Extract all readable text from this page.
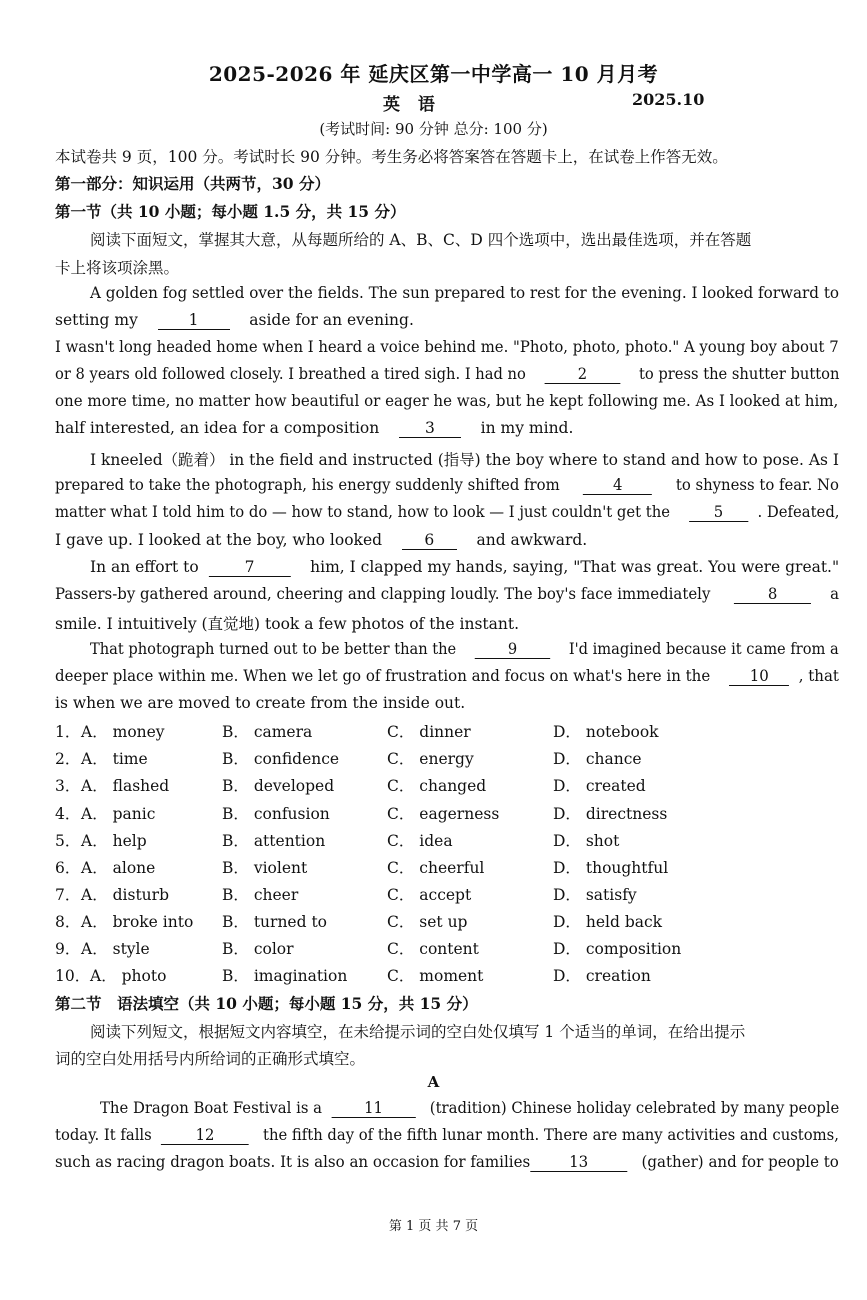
2025-2026 年 延庆区第一中学高一 10 月月考
英 语	2025.10
(考试时间: 90 分钟 总分: 100 分)
本试卷共 9 页，100 分。考试时长 90 分钟。考生务必将答案答在答题卡上，在试卷上作答无效。
第一部分：知识运用（共两节，30 分）
第一节（共 10 小题；每小题 1.5 分，共 15 分）
阅读下面短文，掌握其大意，从每题所给的 A、B、C、D 四个选项中，选出最佳选项，并在答题
卡上将该项涂黑。
A golden fog settled over the fields. The sun prepared to rest for the evening. I looked forward to
setting my	1	aside for an evening.
I wasn't long headed home when I heard a voice behind me. "Photo, photo, photo." A young boy about 7
or 8 years old followed closely. I breathed a tired sigh. I had no	2	to press the shutter button
one more time, no matter how beautiful or eager he was, but he kept following me. As I looked at him,
half interested, an idea for a composition	3	in my mind.
I kneeled（跪着） in the field and instructed (指导) the boy where to stand and how to pose. As I
prepared to take the photograph, his energy suddenly shifted from	4	to shyness to fear. No
matter what I told him to do — how to stand, how to look — I just couldn't get the	5 . Defeated,
I gave up. I looked at the boy, who looked	6	and awkward.
In an effort to	7	him, I clapped my hands, saying, "That was great. You were great."
Passers-by gathered around, cheering and clapping loudly. The boy's face immediately	8	a
smile. I intuitively (直觉地) took a few photos of the instant.
That photograph turned out to be better than the	9	I'd imagined because it came from a
deeper place within me. When we let go of frustration and focus on what's here in the	10 , that
is when we are moved to create from the inside out.
1． A． money	B． camera	C． dinner	D． notebook
2． A． time	B． confidence	C． energy	D． chance
3． A． flashed	B． developed	C． changed	D． created
4． A． panic	B． confusion	C． eagerness	D． directness
5． A． help	B． attention	C． idea	D． shot
6． A． alone	B． violent	C． cheerful	D． thoughtful
7． A． disturb	B． cheer	C． accept	D． satisfy
8． A． broke into B． turned to	C． set up	D． held back
9． A． style	B． color	C． content	D． composition
10． A． photo	B． imagination	C． moment	D． creation
第二节　语法填空（共 10 小题；每小题 15 分，共 15 分）
阅读下列短文，根据短文内容填空，在未给提示词的空白处仅填写 1 个适当的单词，在给出提示
词的空白处用括号内所给词的正确形式填空。
A
The Dragon Boat Festival is a	11	(tradition) Chinese holiday celebrated by many people
today. It falls	12	the fifth day of the fifth lunar month. There are many activities and customs,
such as racing dragon boats. It is also an occasion for families	13	(gather) and for people to
第 1 页 共 7 页
